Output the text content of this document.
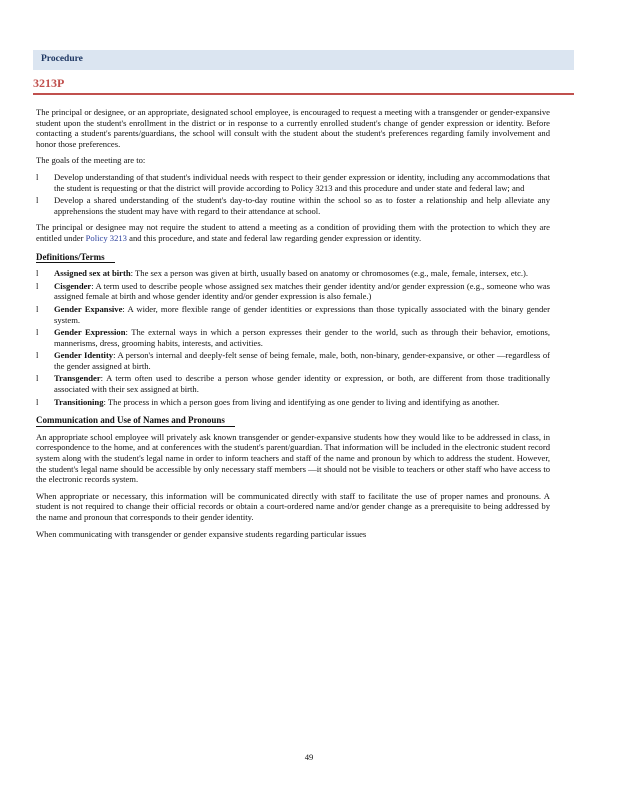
Procedure
3213P

The principal or designee, or an appropriate, designated school employee, is encouraged to request a meeting with a transgender or gender-expansive student upon the student's enrollment in the district or in response to a currently enrolled student's change of gender expression or identity. Before contacting a student's parents/guardians, the school will consult with the student about the student's preferences regarding family involvement and honor those preferences.

The goals of the meeting are to:

l Develop understanding of that student's individual needs with respect to their gender expression or identity, including any accommodations that the student is requesting or that the district will provide according to Policy 3213 and this procedure and under state and federal law; and
l Develop a shared understanding of the student's day-to-day routine within the school so as to foster a relationship and help alleviate any apprehensions the student may have with regard to their attendance at school.

The principal or designee may not require the student to attend a meeting as a condition of providing them with the protection to which they are entitled under Policy 3213 and this procedure, and state and federal law regarding gender expression or identity.

Definitions/Terms
l Assigned sex at birth: The sex a person was given at birth, usually based on anatomy or chromosomes (e.g., male, female, intersex, etc.).
l Cisgender: A term used to describe people whose assigned sex matches their gender identity and/or gender expression (e.g., someone who was assigned female at birth and whose gender identity and/or gender expression is also female.)
l Gender Expansive: A wider, more flexible range of gender identities or expressions than those typically associated with the binary gender system.
l Gender Expression: The external ways in which a person expresses their gender to the world, such as through their behavior, emotions, mannerisms, dress, grooming habits, interests, and activities.
l Gender Identity: A person's internal and deeply-felt sense of being female, male, both, non-binary, gender-expansive, or other —regardless of the gender assigned at birth.
l Transgender: A term often used to describe a person whose gender identity or expression, or both, are different from those traditionally associated with their sex assigned at birth.
l Transitioning: The process in which a person goes from living and identifying as one gender to living and identifying as another.
Communication and Use of Names and Pronouns

An appropriate school employee will privately ask known transgender or gender-expansive students how they would like to be addressed in class, in correspondence to the home, and at conferences with the student's parent/guardian. That information will be included in the electronic student record system along with the student's legal name in order to inform teachers and staff of the name and pronoun by which to address the student. However, the student's legal name should be accessible by only necessary staff members —it should not be visible to teachers or other staff who have access to the electronic records system.

When appropriate or necessary, this information will be communicated directly with staff to facilitate the use of proper names and pronouns. A student is not required to change their official records or obtain a court-ordered name and/or gender change as a prerequisite to being addressed by the name and pronoun that corresponds to their gender identity.

When communicating with transgender or gender expansive students regarding particular issues

49
